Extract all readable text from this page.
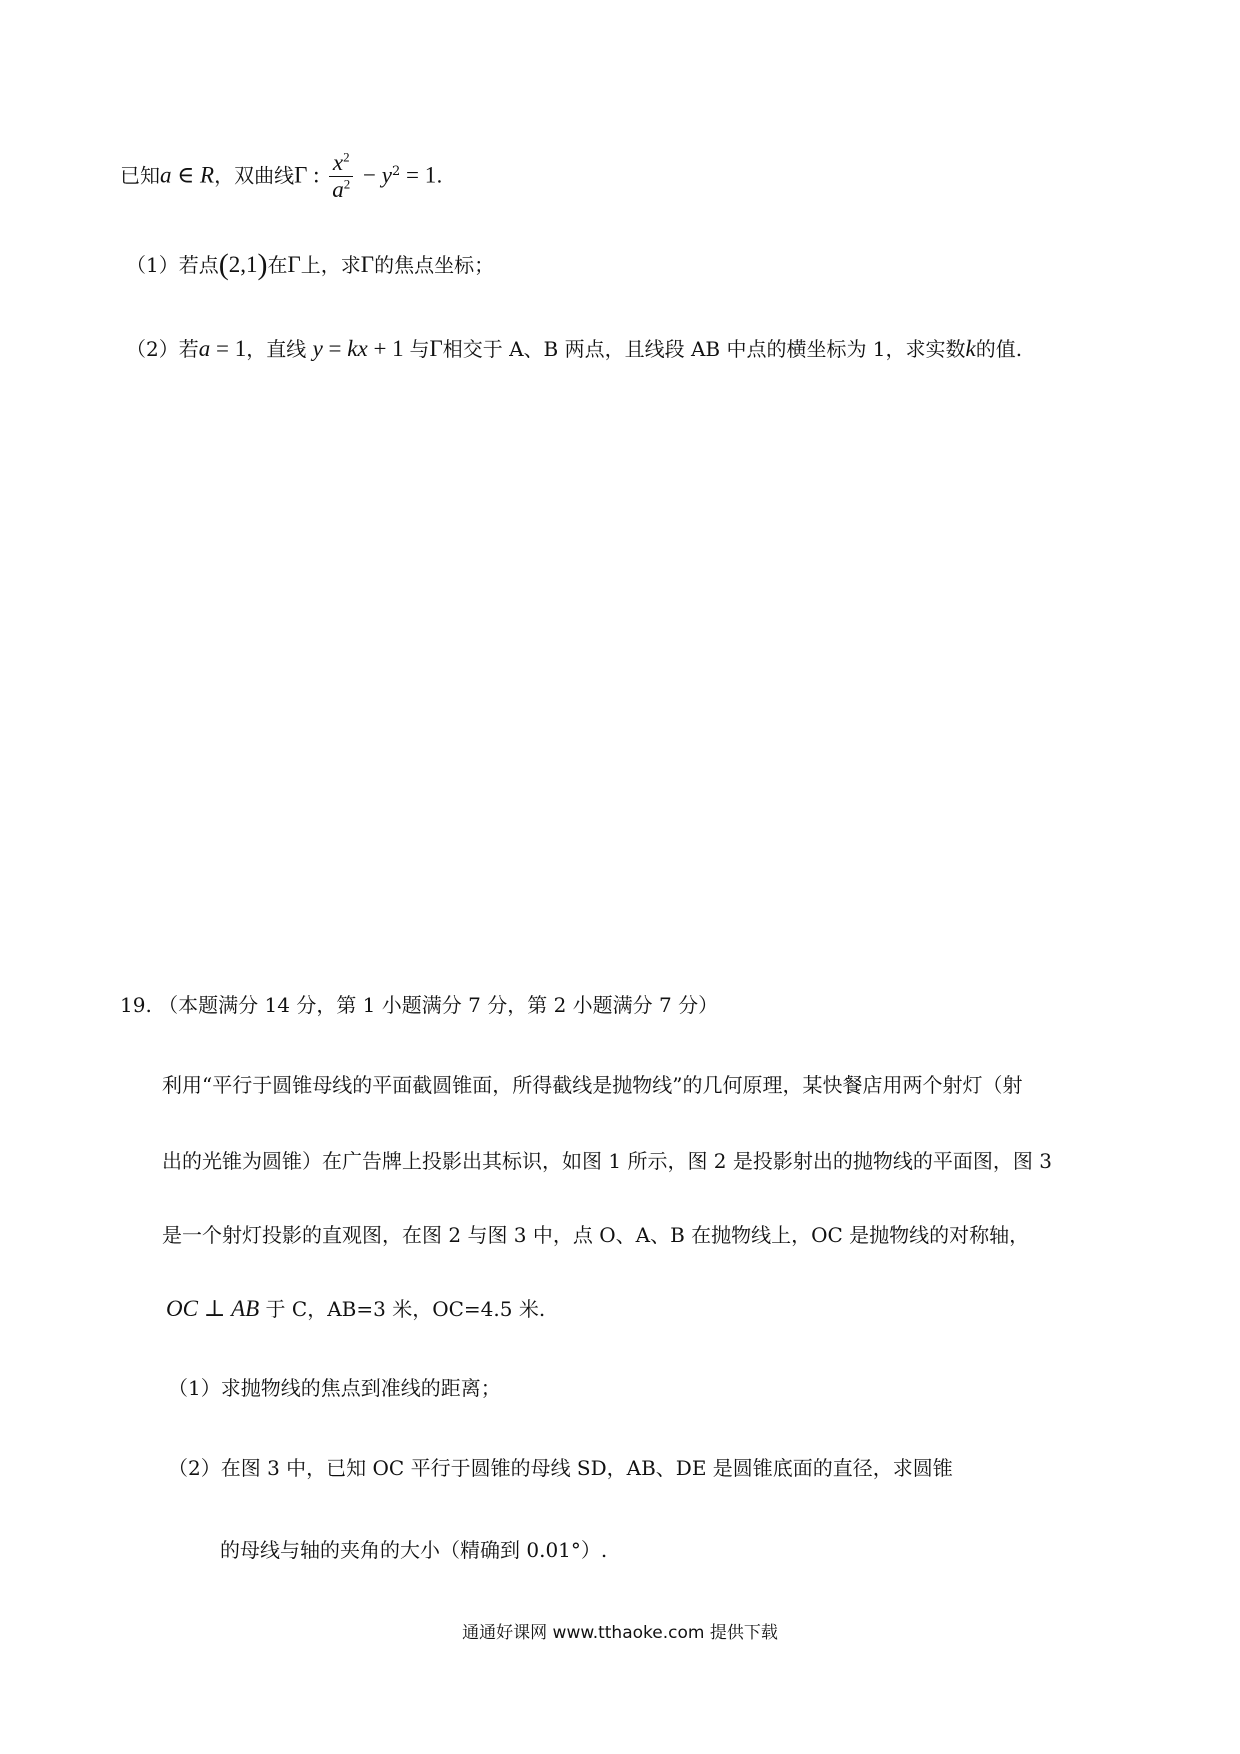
已知a ∈ R，双曲线Γ : $\frac{x^2}{a^2} - y^2 = 1$.
（1）若点(2,1)在Γ上，求Γ的焦点坐标；
（2）若a = 1，直线 y = kx + 1 与Γ相交于 A、B 两点，且线段 AB 中点的横坐标为 1，求实数k的值.
19. （本题满分 14 分，第 1 小题满分 7 分，第 2 小题满分 7 分）
利用“平行于圆锥母线的平面截圆锥面，所得截线是抛物线”的几何原理，某快餐店用两个射灯（射
出的光锥为圆锥）在广告牌上投影出其标识，如图 1 所示，图 2 是投影射出的抛物线的平面图，图 3
是一个射灯投影的直观图，在图 2 与图 3 中，点 O、A、B 在抛物线上，OC 是抛物线的对称轴，
OC ⊥ AB 于 C，AB=3 米，OC=4.5 米.
（1）求抛物线的焦点到准线的距离；
（2）在图 3 中，已知 OC 平行于圆锥的母线 SD，AB、DE 是圆锥底面的直径，求圆锥
的母线与轴的夹角的大小（精确到 0.01°）.
通通好课网 www.tthaoke.com 提供下载
